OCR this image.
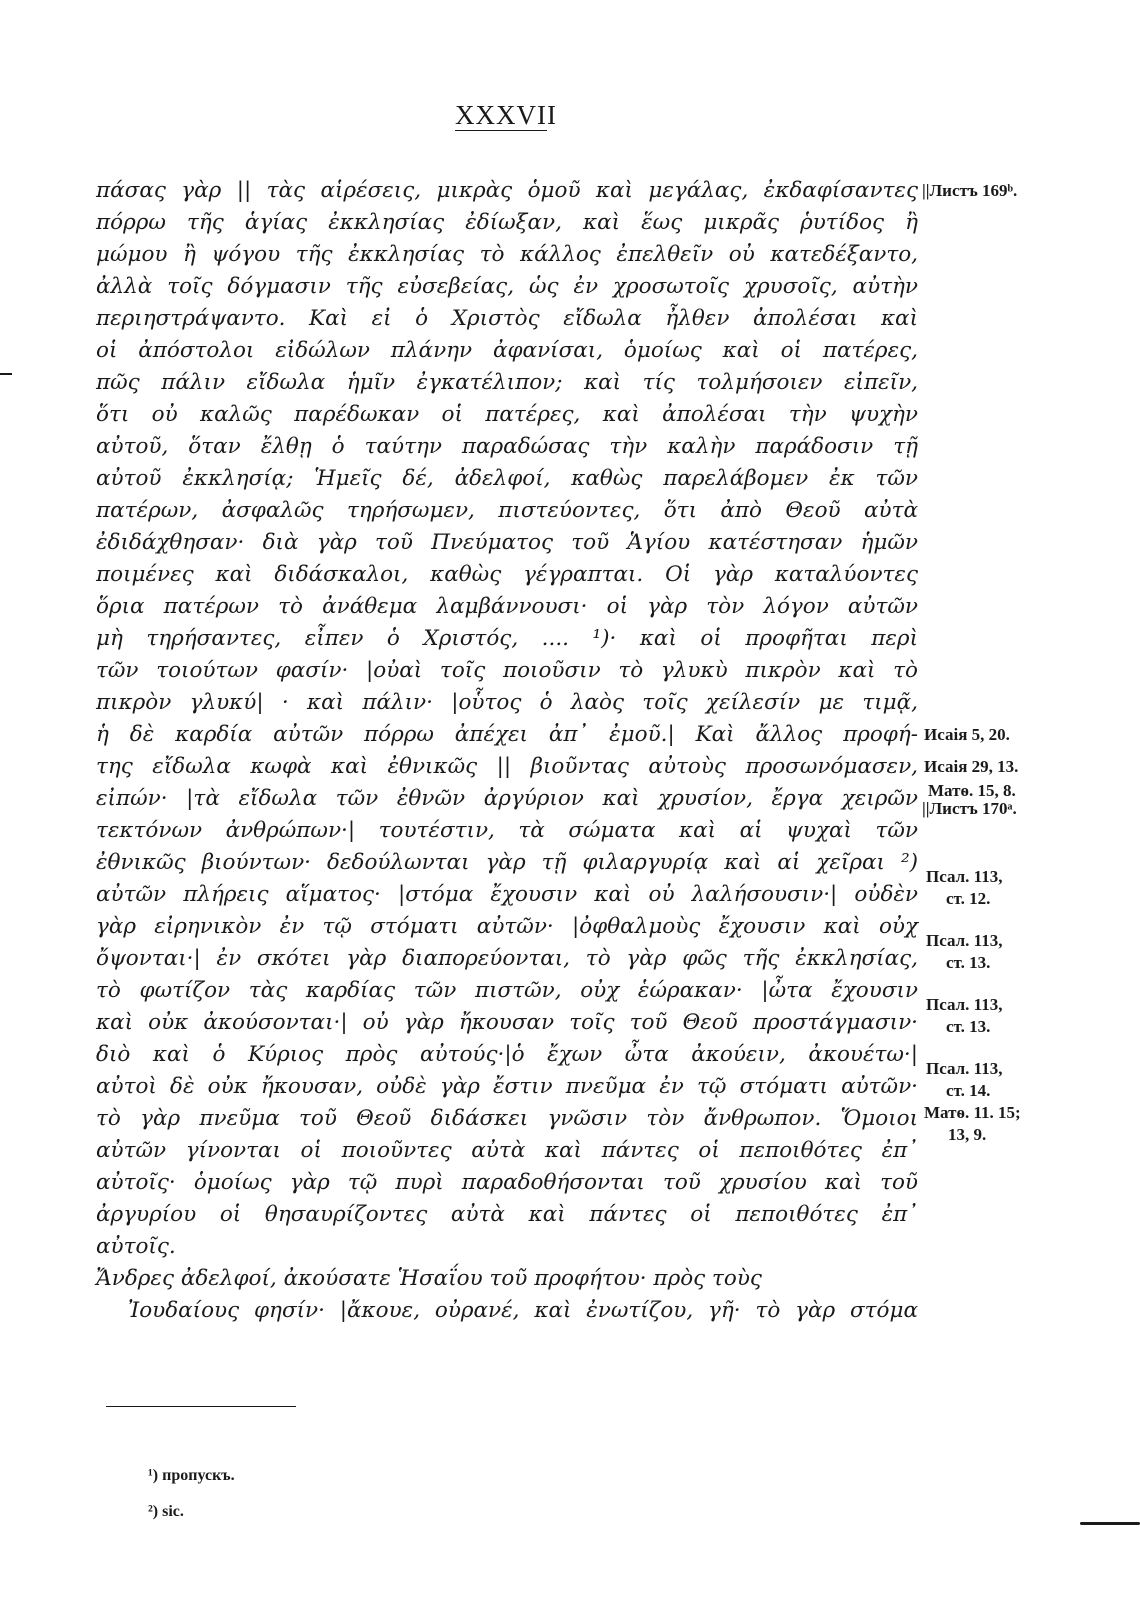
XXXVII
πάσας γὰρ || τὰς αἱρέσεις, μικρὰς ὁμοῦ καὶ μεγάλας, ἐκδαφίσαντες
πόρρω τῆς ἁγίας ἐκκλησίας ἐδίωξαν, καὶ ἕως μικρᾶς ῥυτίδος ἢ
μώμου ἢ ψόγου τῆς ἐκκλησίας τὸ κάλλος ἐπελθεῖν οὐ κατεδέξαντο,
ἀλλὰ τοῖς δόγμασιν τῆς εὐσεβείας, ὡς ἐν χροσωτοῖς χρυσοῖς, αὐτὴν
περιηστράψαντο. Καὶ εἰ ὁ Χριστὸς εἴδωλα ἦλθεν ἀπολέσαι καὶ
οἱ ἀπόστολοι εἰδώλων πλάνην ἀφανίσαι, ὁμοίως καὶ οἱ πατέρες,
πῶς πάλιν εἴδωλα ἡμῖν ἐγκατέλιπον; καὶ τίς τολμήσοιεν εἰπεῖν,
ὅτι οὐ καλῶς παρέδωκαν οἱ πατέρες, καὶ ἀπολέσαι τὴν ψυχὴν
αὐτοῦ, ὅταν ἔλθῃ ὁ ταύτην παραδώσας τὴν καλὴν παράδοσιν τῇ
αὐτοῦ ἐκκλησίᾳ; Ἡμεῖς δέ, ἀδελφοί, καθὼς παρελάβομεν ἐκ τῶν
πατέρων, ἀσφαλῶς τηρήσωμεν, πιστεύοντες, ὅτι ἀπὸ Θεοῦ αὐτὰ
ἐδιδάχθησαν· διὰ γὰρ τοῦ Πνεύματος τοῦ Ἁγίου κατέστησαν ἡμῶν
ποιμένες καὶ διδάσκαλοι, καθὼς γέγραπται. Οἱ γὰρ καταλύοντες
ὅρια πατέρων τὸ ἀνάθεμα λαμβάννουσι· οἱ γὰρ τὸν λόγον αὐτῶν
μὴ τηρήσαντες, εἶπεν ὁ Χριστός, .... ¹)· καὶ οἱ προφῆται περὶ
τῶν τοιούτων φασίν· |οὐαὶ τοῖς ποιοῦσιν τὸ γλυκὺ πικρὸν καὶ τὸ
πικρὸν γλυκύ| · καὶ πάλιν· |οὗτος ὁ λαὸς τοῖς χείλεσίν με τιμᾷ,
ἡ δὲ καρδία αὐτῶν πόρρω ἀπέχει ἀπ᾽ ἐμοῦ.| Καὶ ἄλλος προφή-
της εἴδωλα κωφὰ καὶ ἐθνικῶς || βιοῦντας αὐτοὺς προσωνόμασεν,
εἰπών· |τὰ εἴδωλα τῶν ἐθνῶν ἀργύριον καὶ χρυσίον, ἔργα χειρῶν
τεκτόνων ἀνθρώπων·| τουτέστιν, τὰ σώματα καὶ αἱ ψυχαὶ τῶν
ἐθνικῶς βιούντων· δεδούλωνται γὰρ τῇ φιλαργυρίᾳ καὶ αἱ χεῖραι ²)
αὐτῶν πλήρεις αἵματος· |στόμα ἔχουσιν καὶ οὐ λαλήσουσιν·| οὐδὲν
γὰρ εἰρηνικὸν ἐν τῷ στόματι αὐτῶν· |ὀφθαλμοὺς ἔχουσιν καὶ οὐχ
ὄψονται·| ἐν σκότει γὰρ διαπορεύονται, τὸ γὰρ φῶς τῆς ἐκκλησίας,
τὸ φωτίζον τὰς καρδίας τῶν πιστῶν, οὐχ ἑώρακαν· |ὦτα ἔχουσιν
καὶ οὐκ ἀκούσονται·| οὐ γὰρ ἤκουσαν τοῖς τοῦ Θεοῦ προστάγμασιν·
διὸ καὶ ὁ Κύριος πρὸς αὐτούς·|ὁ ἔχων ὦτα ἀκούειν, ἀκουέτω·|
αὐτοὶ δὲ οὐκ ἤκουσαν, οὐδὲ γὰρ ἔστιν πνεῦμα ἐν τῷ στόματι αὐτῶν·
τὸ γὰρ πνεῦμα τοῦ Θεοῦ διδάσκει γνῶσιν τὸν ἄνθρωπον. Ὅμοιοι
αὐτῶν γίνονται οἱ ποιοῦντες αὐτὰ καὶ πάντες οἱ πεποιθότες ἐπ᾽
αὐτοῖς· ὁμοίως γὰρ τῷ πυρὶ παραδοθήσονται τοῦ χρυσίου καὶ τοῦ
ἀργυρίου οἱ θησαυρίζοντες αὐτὰ καὶ πάντες οἱ πεποιθότες ἐπ᾽
αὐτοῖς.
Ἄνδρες ἀδελφοί, ἀκούσατε Ἡσαΐου τοῦ προφήτου· πρὸς τοὺς
Ἰουδαίους φησίν· |ἄκουε, οὐρανέ, καὶ ἐνωτίζου, γῆ· τὸ γὰρ στόμα
||Листъ 169ᵇ.
Исаія 5, 20.
Исаія 29, 13.
Матѳ. 15, 8.
||Листъ 170ᵃ.
Псал. 113,
ст. 12.
Псал. 113,
ст. 13.
Псал. 113,
ст. 13.
Псал. 113,
ст. 14.
Матѳ. 11. 15;
13, 9.
¹) пропускъ.
²) sic.
